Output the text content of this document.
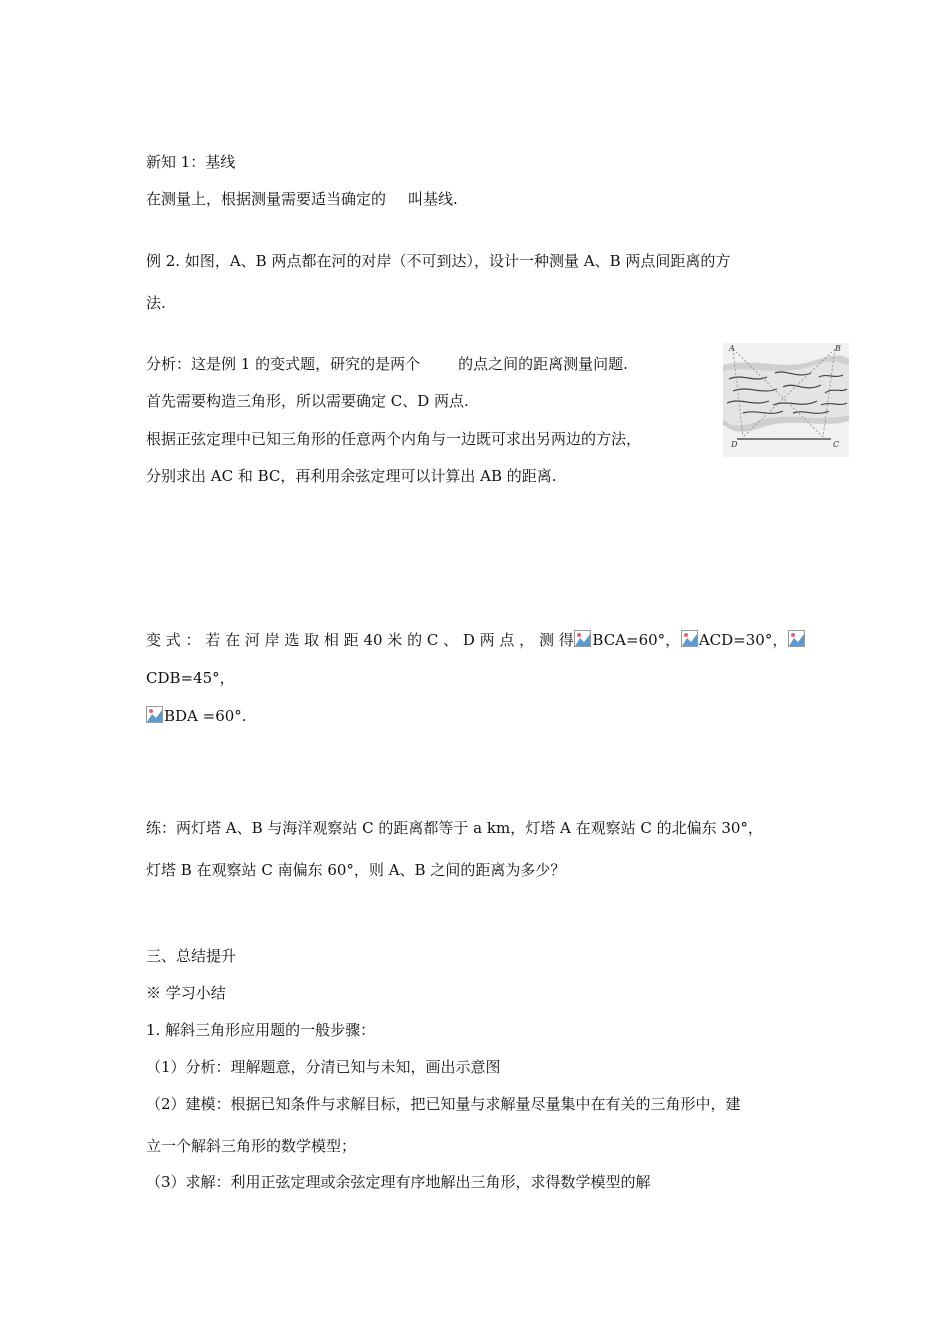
新知 1：基线
在测量上，根据测量需要适当确定的 叫基线.
例 2. 如图，A、B 两点都在河的对岸（不可到达），设计一种测量 A、B 两点间距离的方
法.
分析：这是例 1 的变式题，研究的是两个	的点之间的距离测量问题.
首先需要构造三角形，所以需要确定 C、D 两点.
根据正弦定理中已知三角形的任意两个内角与一边既可求出另两边的方法，
分别求出 AC 和 BC，再利用余弦定理可以计算出 AB 的距离.
A	B
C
D
变 式 ： 若 在 河 岸 选 取 相 距 40 米 的 C 、 D 两 点 ， 测 得	BCA=60°，	ACD=30°，
CDB=45°，
BDA =60°.
练：两灯塔 A、B 与海洋观察站 C 的距离都等于 a km，灯塔 A 在观察站 C 的北偏东 30°，
灯塔 B 在观察站 C 南偏东 60°，则 A、B 之间的距离为多少？
三、总结提升
※ 学习小结
1. 解斜三角形应用题的一般步骤：
（1）分析：理解题意，分清已知与未知，画出示意图
（2）建模：根据已知条件与求解目标，把已知量与求解量尽量集中在有关的三角形中，建
立一个解斜三角形的数学模型；
（3）求解：利用正弦定理或余弦定理有序地解出三角形，求得数学模型的解
